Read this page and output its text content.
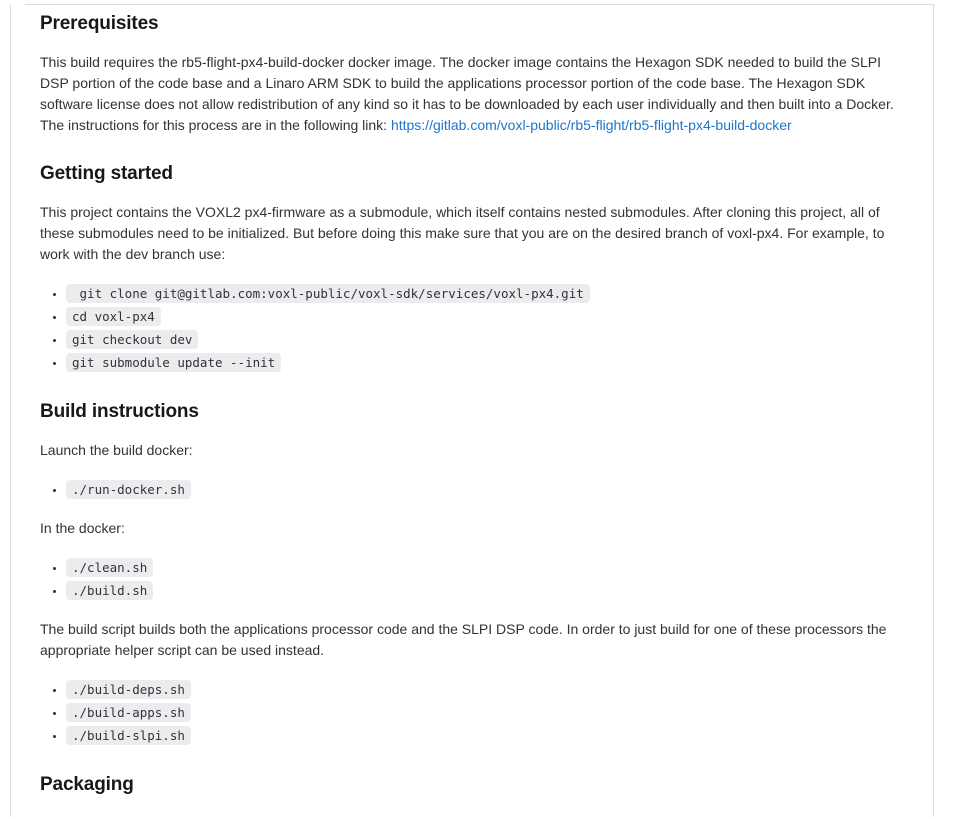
Prerequisites

This build requires the rb5-flight-px4-build-docker docker image. The docker image contains the Hexagon SDK needed to build the SLPI DSP portion of the code base and a Linaro ARM SDK to build the applications processor portion of the code base. The Hexagon SDK software license does not allow redistribution of any kind so it has to be downloaded by each user individually and then built into a Docker. The instructions for this process are in the following link: https://gitlab.com/voxl-public/rb5-flight/rb5-flight-px4-build-docker

Getting started

This project contains the VOXL2 px4-firmware as a submodule, which itself contains nested submodules. After cloning this project, all of these submodules need to be initialized. But before doing this make sure that you are on the desired branch of voxl-px4. For example, to work with the dev branch use:

•  git clone git@gitlab.com:voxl-public/voxl-sdk/services/voxl-px4.git
• cd voxl-px4
• git checkout dev
• git submodule update --init
Build instructions

Launch the build docker:

• ./run-docker.sh

In the docker:

• ./clean.sh
• ./build.sh

The build script builds both the applications processor code and the SLPI DSP code. In order to just build for one of these processors the appropriate helper script can be used instead.

• ./build-deps.sh
• ./build-apps.sh
• ./build-slpi.sh
Packaging
